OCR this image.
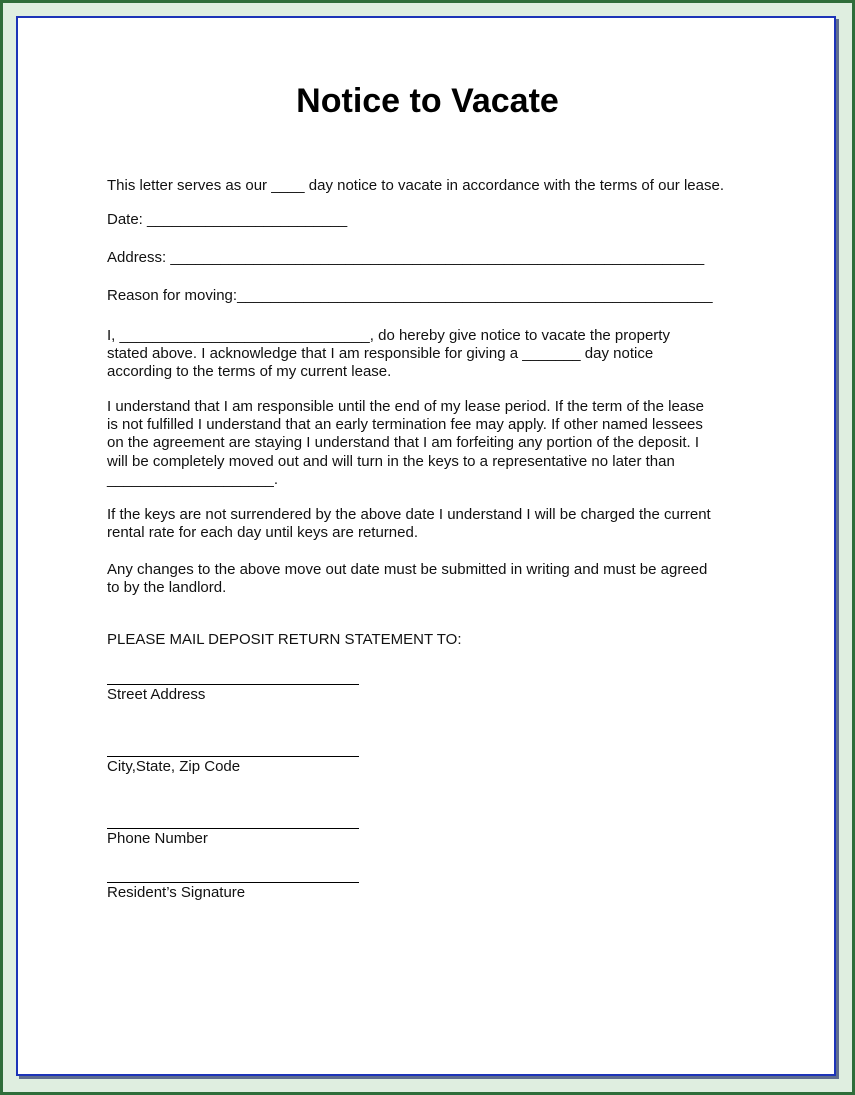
Notice to Vacate
This letter serves as our ____ day notice to vacate in accordance with the terms of our lease.
Date: ________________________
Address: ________________________________________________________________
Reason for moving:_________________________________________________________
I, ______________________________, do hereby give notice to vacate the property
stated above. I acknowledge that I am responsible for giving a _______ day notice
according to the terms of my current lease.
I understand that I am responsible until the end of my lease period. If the term of the lease
is not fulfilled I understand that an early termination fee may apply. If other named lessees
on the agreement are staying I understand that I am forfeiting any portion of the deposit. I
will be completely moved out and will turn in the keys to a representative no later than
____________________.
If the keys are not surrendered by the above date I understand I will be charged the current
rental rate for each day until keys are returned.
Any changes to the above move out date must be submitted in writing and must be agreed
to by the landlord.
PLEASE MAIL DEPOSIT RETURN STATEMENT TO:
Street Address
City,State, Zip Code
Phone Number
Resident’s Signature
